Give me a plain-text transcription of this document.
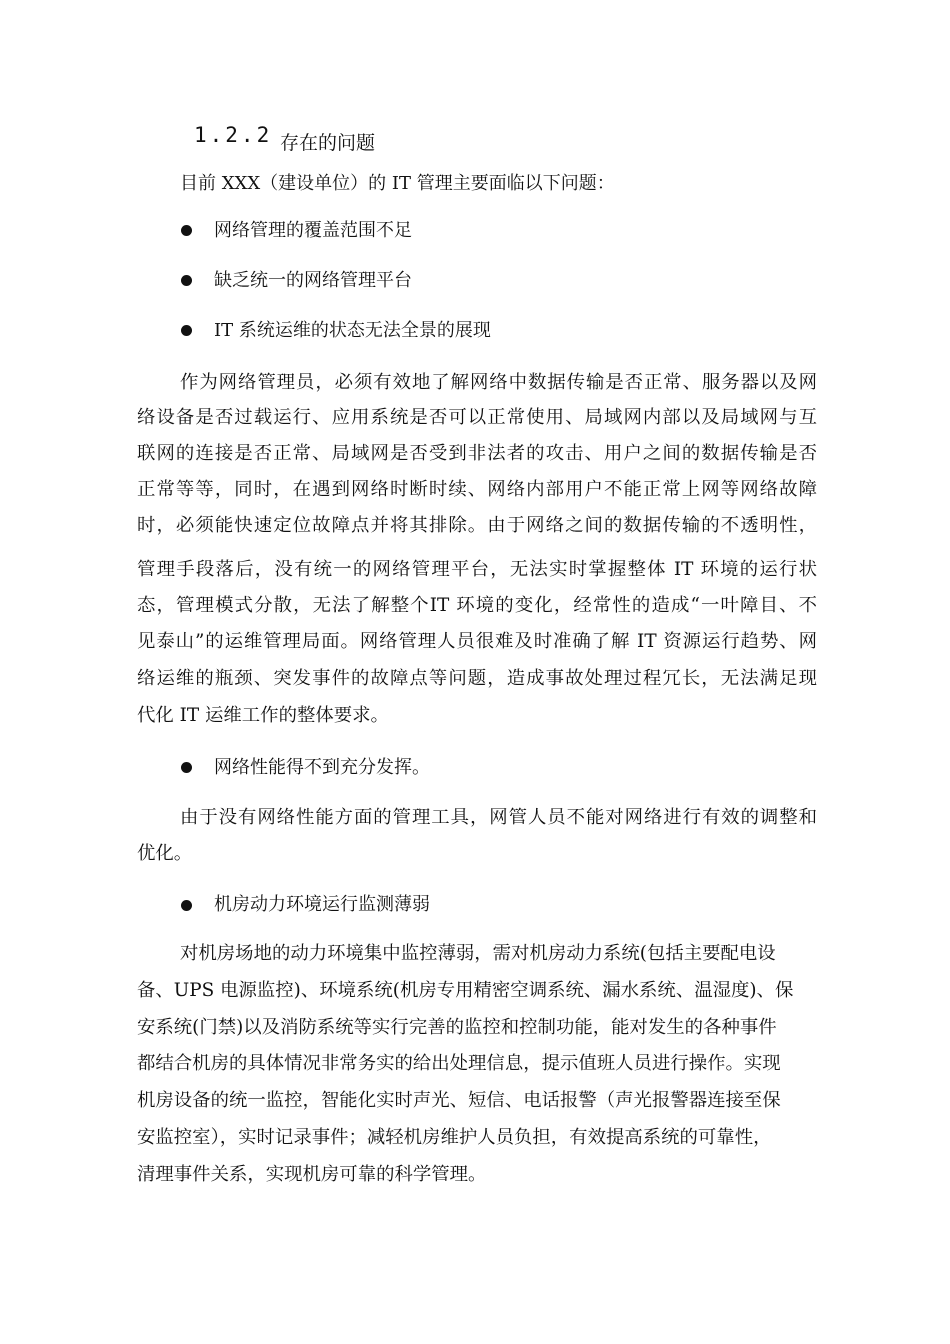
1.2.2 存在的问题
目前 XXX（建设单位）的 IT 管理主要面临以下问题：
网络管理的覆盖范围不足
缺乏统一的网络管理平台
IT 系统运维的状态无法全景的展现
作为网络管理员，必须有效地了解网络中数据传输是否正常、服务器以及网
络设备是否过载运行、应用系统是否可以正常使用、局域网内部以及局域网与互
联网的连接是否正常、局域网是否受到非法者的攻击、用户之间的数据传输是否
正常等等，同时，在遇到网络时断时续、网络内部用户不能正常上网等网络故障
时，必须能快速定位故障点并将其排除。由于网络之间的数据传输的不透明性，
管理手段落后，没有统一的网络管理平台，无法实时掌握整体 IT 环境的运行状
态，管理模式分散，无法了解整个IT 环境的变化，经常性的造成“一叶障目、不
见泰山”的运维管理局面。网络管理人员很难及时准确了解 IT 资源运行趋势、网
络运维的瓶颈、突发事件的故障点等问题，造成事故处理过程冗长，无法满足现
代化 IT 运维工作的整体要求。
网络性能得不到充分发挥。
由于没有网络性能方面的管理工具，网管人员不能对网络进行有效的调整和
优化。
机房动力环境运行监测薄弱
对机房场地的动力环境集中监控薄弱，需对机房动力系统(包括主要配电设
备、UPS 电源监控)、环境系统(机房专用精密空调系统、漏水系统、温湿度)、保
安系统(门禁)以及消防系统等实行完善的监控和控制功能，能对发生的各种事件
都结合机房的具体情况非常务实的给出处理信息，提示值班人员进行操作。实现
机房设备的统一监控，智能化实时声光、短信、电话报警（声光报警器连接至保
安监控室），实时记录事件；减轻机房维护人员负担，有效提高系统的可靠性，
清理事件关系，实现机房可靠的科学管理。
